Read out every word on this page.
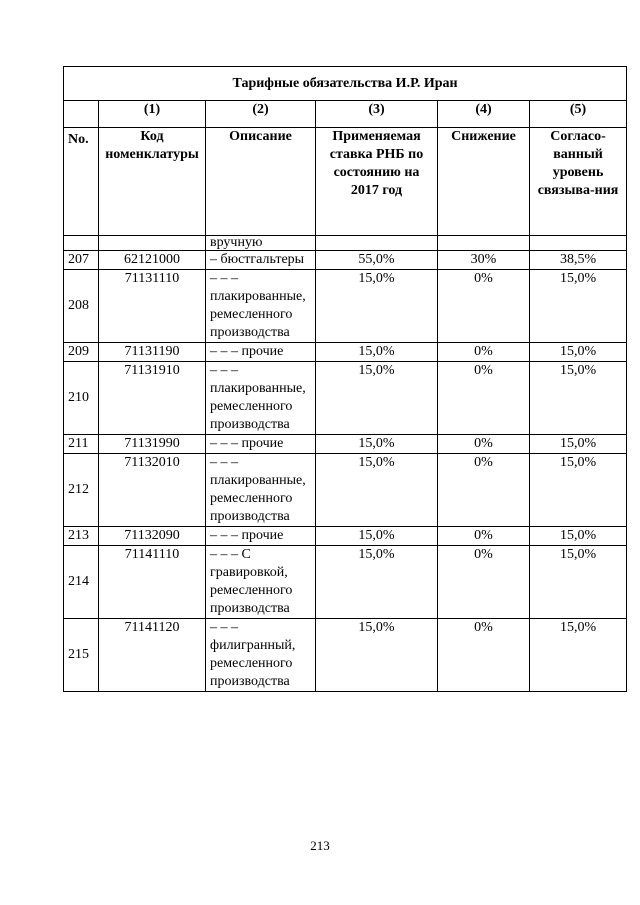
Тарифные обязательства И.Р. Иран					
	(1)	(2)	(3)	(4)	(5)
No.	Код номенклатуры	Описание	Применяемая ставка РНБ по состоянию на 2017 год	Снижение	Согласо-ванный уровень связыва-ния
		вручную			
207	62121000	– бюстгальтеры	55,0%	30%	38,5%
208	71131110	– – – плакированные, ремесленного производства	15,0%	0%	15,0%
209	71131190	– – – прочие	15,0%	0%	15,0%
210	71131910	– – – плакированные, ремесленного производства	15,0%	0%	15,0%
211	71131990	– – – прочие	15,0%	0%	15,0%
212	71132010	– – – плакированные, ремесленного производства	15,0%	0%	15,0%
213	71132090	– – – прочие	15,0%	0%	15,0%
214	71141110	– – – С гравировкой, ремесленного производства	15,0%	0%	15,0%
215	71141120	– – – филигранный, ремесленного производства	15,0%	0%	15,0%
213
